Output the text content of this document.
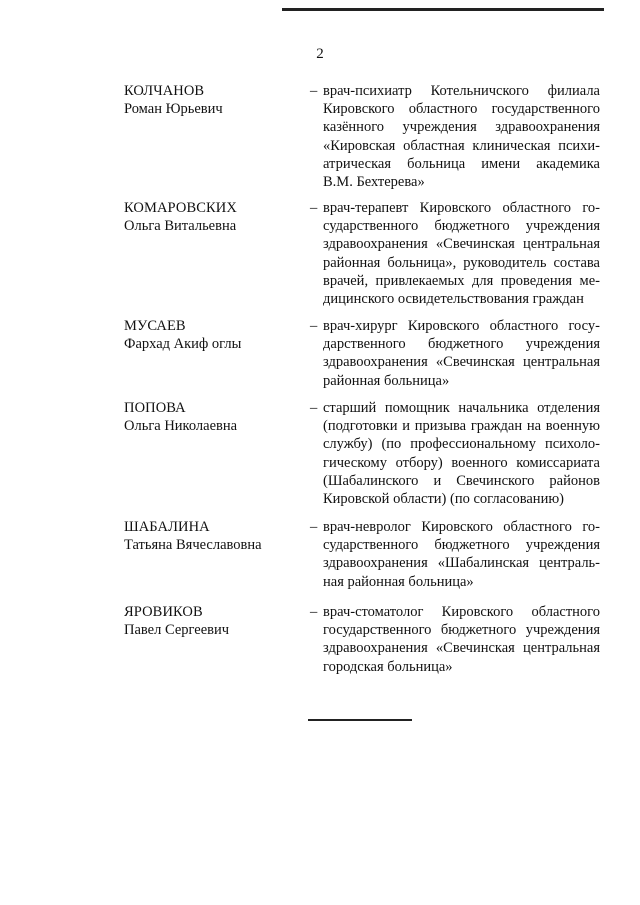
2
КОЛЧАНОВ
Роман Юрьевич
– врач-психиатр Котельничского филиала
Кировского областного государственного
казённого учреждения здравоохранения
«Кировская областная клиническая психи-
атрическая больница имени академика
В.М. Бехтерева»
КОМАРОВСКИХ
Ольга Витальевна
– врач-терапевт Кировского областного го-
сударственного бюджетного учреждения
здравоохранения «Свечинская центральная
районная больница», руководитель состава
врачей, привлекаемых для проведения ме-
дицинского освидетельствования граждан
МУСАЕВ
Фархад Акиф оглы
– врач-хирург Кировского областного госу-
дарственного бюджетного учреждения
здравоохранения «Свечинская центральная
районная больница»
ПОПОВА
Ольга Николаевна
– старший помощник начальника отделения
(подготовки и призыва граждан на военную
службу) (по профессиональному психоло-
гическому отбору) военного комиссариата
(Шабалинского и Свечинского районов
Кировской области) (по согласованию)
ШАБАЛИНА
Татьяна Вячеславовна
– врач-невролог Кировского областного го-
сударственного бюджетного учреждения
здравоохранения «Шабалинская централь-
ная районная больница»
ЯРОВИКОВ
Павел Сергеевич
– врач-стоматолог Кировского областного
государственного бюджетного учреждения
здравоохранения «Свечинская центральная
городская больница»
